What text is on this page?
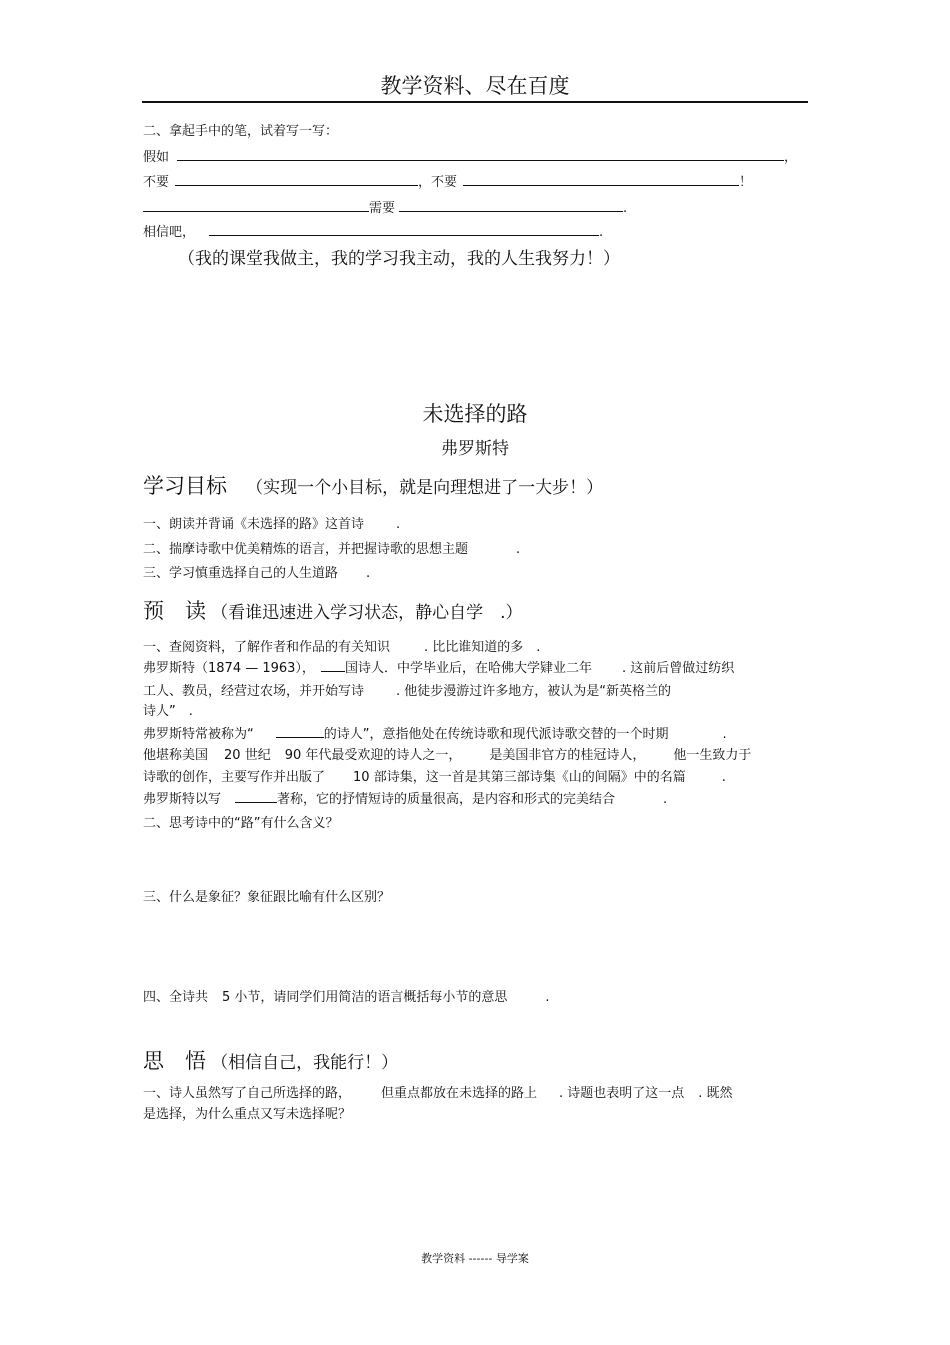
教学资料、尽在百度
二、拿起手中的笔，试着写一写：
假如	，
不要	，不要	！
需要	.
相信吧，	.
（我的课堂我做主，我的学习我主动，我的人生我努力！）
未选择的路
弗罗斯特
学习目标 （实现一个小目标，就是向理想进了一大步！）
一、朗读并背诵《未选择的路》这首诗 .
二、揣摩诗歌中优美精炼的语言，并把握诗歌的思想主题	.
三、学习慎重选择自己的人生道路 .
预　读 （看谁迅速进入学习状态，静心自学　.）
一、查阅资料，了解作者和作品的有关知识	. 比比谁知道的多　.
弗罗斯特（1874 — 1963）， 国诗人．中学毕业后，在哈佛大学肄业二年 . 这前后曾做过纺织
工人、教员，经营过农场，并开始写诗 . 他徒步漫游过许多地方，被认为是“新英格兰的
诗人”　.
弗罗斯特常被称为“	的诗人”，意指他处在传统诗歌和现代派诗歌交替的一个时期	.
他堪称美国 20 世纪 90 年代最受欢迎的诗人之一， 是美国非官方的桂冠诗人， 他一生致力于
诗歌的创作，主要写作并出版了 10 部诗集，这一首是其第三部诗集《山的间隔》中的名篇	.
弗罗斯特以写	著称，它的抒情短诗的质量很高，是内容和形式的完美结合	.
二、思考诗中的“路”有什么含义？
三、什么是象征？象征跟比喻有什么区别？
四、全诗共 5 小节，请同学们用简洁的语言概括每小节的意思	.
思　悟 （相信自己，我能行！）
一、诗人虽然写了自己所选择的路， 但重点都放在未选择的路上 . 诗题也表明了这一点 . 既然
是选择，为什么重点又写未选择呢？
教学资料 ------ 导学案
